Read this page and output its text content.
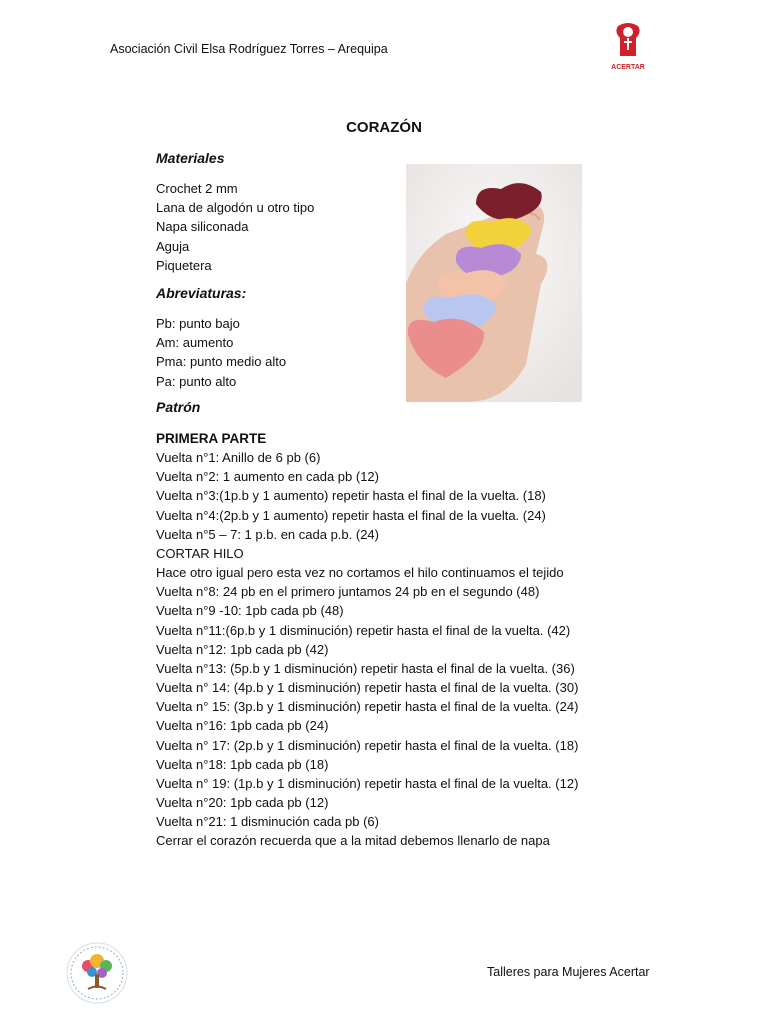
Asociación Civil Elsa Rodríguez Torres – Arequipa
ACERTAR
CORAZÓN
Materiales
Crochet 2 mm
Lana de algodón u otro tipo
Napa siliconada
Aguja
Piquetera
Abreviaturas:
Pb: punto bajo
Am: aumento
Pma: punto medio alto
Pa: punto alto
Patrón
PRIMERA PARTE
Vuelta n°1: Anillo de 6 pb (6)
Vuelta n°2: 1 aumento en cada pb (12)
Vuelta n°3:(1p.b y 1 aumento) repetir hasta el final de la vuelta. (18)
Vuelta n°4:(2p.b y 1 aumento) repetir hasta el final de la vuelta. (24)
Vuelta n°5 – 7: 1 p.b. en cada p.b. (24)
CORTAR HILO
Hace otro igual pero esta vez no cortamos el hilo continuamos el tejido
Vuelta n°8: 24 pb en el primero juntamos 24 pb en el segundo (48)
Vuelta n°9 -10: 1pb cada pb (48)
Vuelta n°11:(6p.b y 1 disminución) repetir hasta el final de la vuelta. (42)
Vuelta n°12: 1pb cada pb (42)
Vuelta n°13: (5p.b y 1 disminución) repetir hasta el final de la vuelta. (36)
Vuelta n° 14: (4p.b y 1 disminución) repetir hasta el final de la vuelta. (30)
Vuelta n° 15: (3p.b y 1 disminución) repetir hasta el final de la vuelta. (24)
Vuelta n°16: 1pb cada pb (24)
Vuelta n° 17: (2p.b y 1 disminución) repetir hasta el final de la vuelta. (18)
Vuelta n°18: 1pb cada pb (18)
Vuelta n° 19: (1p.b y 1 disminución) repetir hasta el final de la vuelta. (12)
Vuelta n°20: 1pb cada pb (12)
Vuelta n°21: 1 disminución cada pb (6)
Cerrar el corazón recuerda que a la mitad debemos llenarlo de napa
Talleres para Mujeres Acertar
